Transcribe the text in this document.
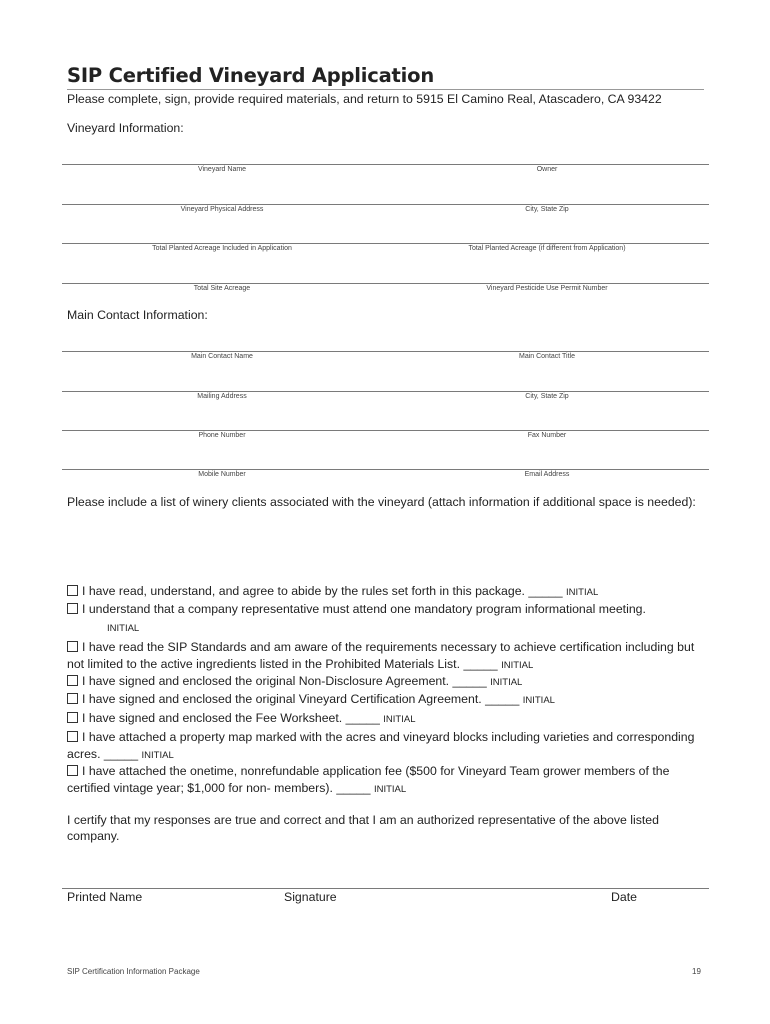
SIP Certified Vineyard Application
Please complete, sign, provide required materials, and return to 5915 El Camino Real, Atascadero, CA 93422
Vineyard Information:
Vineyard Name	Owner
Vineyard Physical Address	City, State Zip
Total Planted Acreage Included in Application	Total Planted Acreage (if different from Application)
Total Site Acreage	Vineyard Pesticide Use Permit Number
Main Contact Information:
Main Contact Name	Main Contact Title
Mailing Address	City, State Zip
Phone Number	Fax Number
Mobile Number	Email Address
Please include a list of winery clients associated with the vineyard (attach information if additional space is needed):
I have read, understand, and agree to abide by the rules set forth in this package. _____ INITIAL
I understand that a company representative must attend one mandatory program informational meeting.
INITIAL
I have read the SIP Standards and am aware of the requirements necessary to achieve certification including but not limited to the active ingredients listed in the Prohibited Materials List. _____ INITIAL
I have signed and enclosed the original Non-Disclosure Agreement. _____ INITIAL
I have signed and enclosed the original Vineyard Certification Agreement. _____ INITIAL
I have signed and enclosed the Fee Worksheet. _____ INITIAL
I have attached a property map marked with the acres and vineyard blocks including varieties and corresponding acres. _____ INITIAL
I have attached the onetime, nonrefundable application fee ($500 for Vineyard Team grower members of the certified vintage year; $1,000 for non- members). _____ INITIAL
I certify that my responses are true and correct and that I am an authorized representative of the above listed company.
Printed Name	Signature	Date
SIP Certification Information Package	19
